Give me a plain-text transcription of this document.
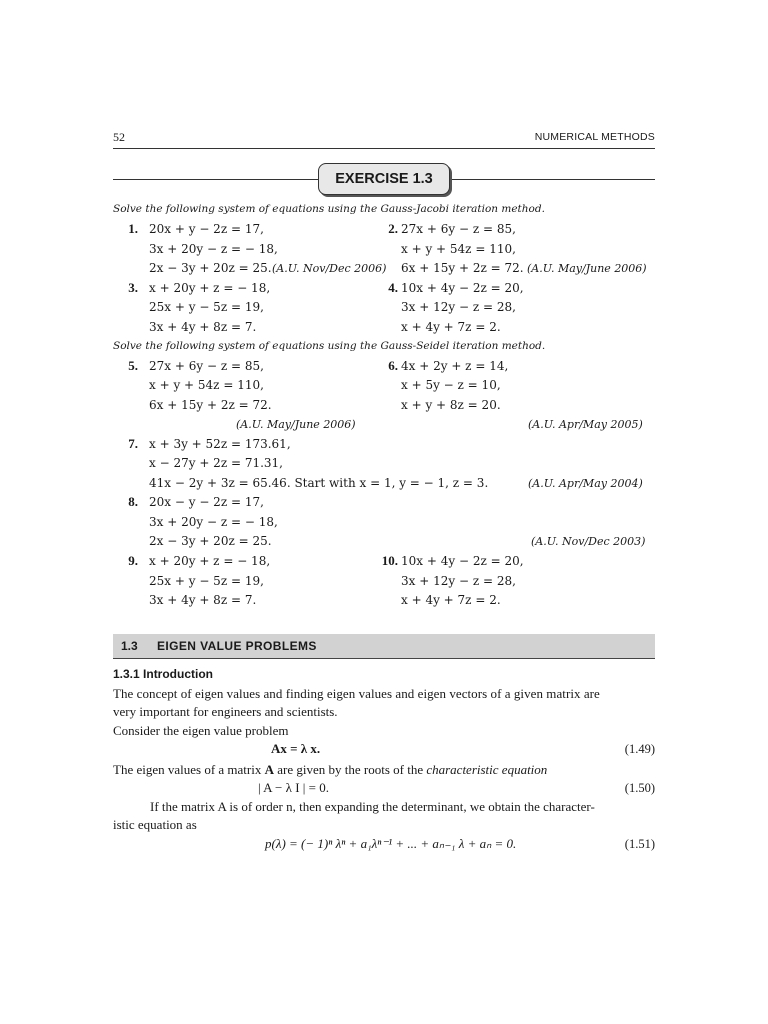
52	NUMERICAL METHODS
EXERCISE 1.3
Solve the following system of equations using the Gauss-Jacobi iteration method.
1. 20x + y − 2z = 17,
3x + 20y − z = − 18,
2x − 3y + 20z = 25. (A.U. Nov/Dec 2006)
2. 27x + 6y − z = 85,
x + y + 54z = 110,
6x + 15y + 2z = 72. (A.U. May/June 2006)
3. x + 20y + z = − 18,
25x + y − 5z = 19,
3x + 4y + 8z = 7.
4. 10x + 4y − 2z = 20,
3x + 12y − z = 28,
x + 4y + 7z = 2.
Solve the following system of equations using the Gauss-Seidel iteration method.
5. 27x + 6y − z = 85,
x + y + 54z = 110,
6x + 15y + 2z = 72.
(A.U. May/June 2006)
6. 4x + 2y + z = 14,
x + 5y − z = 10,
x + y + 8z = 20.
(A.U. Apr/May 2005)
7. x + 3y + 52z = 173.61,
x − 27y + 2z = 71.31,
41x − 2y + 3z = 65.46. Start with x = 1, y = − 1, z = 3.	(A.U. Apr/May 2004)
8. 20x − y − 2z = 17,
3x + 20y − z = − 18,
2x − 3y + 20z = 25.	(A.U. Nov/Dec 2003)
9. x + 20y + z = − 18,
25x + y − 5z = 19,
3x + 4y + 8z = 7.
10. 10x + 4y − 2z = 20,
3x + 12y − z = 28,
x + 4y + 7z = 2.
1.3 EIGEN VALUE PROBLEMS
1.3.1 Introduction
The concept of eigen values and finding eigen values and eigen vectors of a given matrix are
very important for engineers and scientists.
Consider the eigen value problem
Ax = λ x.	(1.49)
The eigen values of a matrix A are given by the roots of the characteristic equation
| A − λ I | = 0.	(1.50)
If the matrix A is of order n, then expanding the determinant, we obtain the character-
istic equation as
p(λ) = (− 1)ⁿ λⁿ + a₁λⁿ⁻¹ + ... + aₙ₋₁ λ + aₙ = 0.	(1.51)
